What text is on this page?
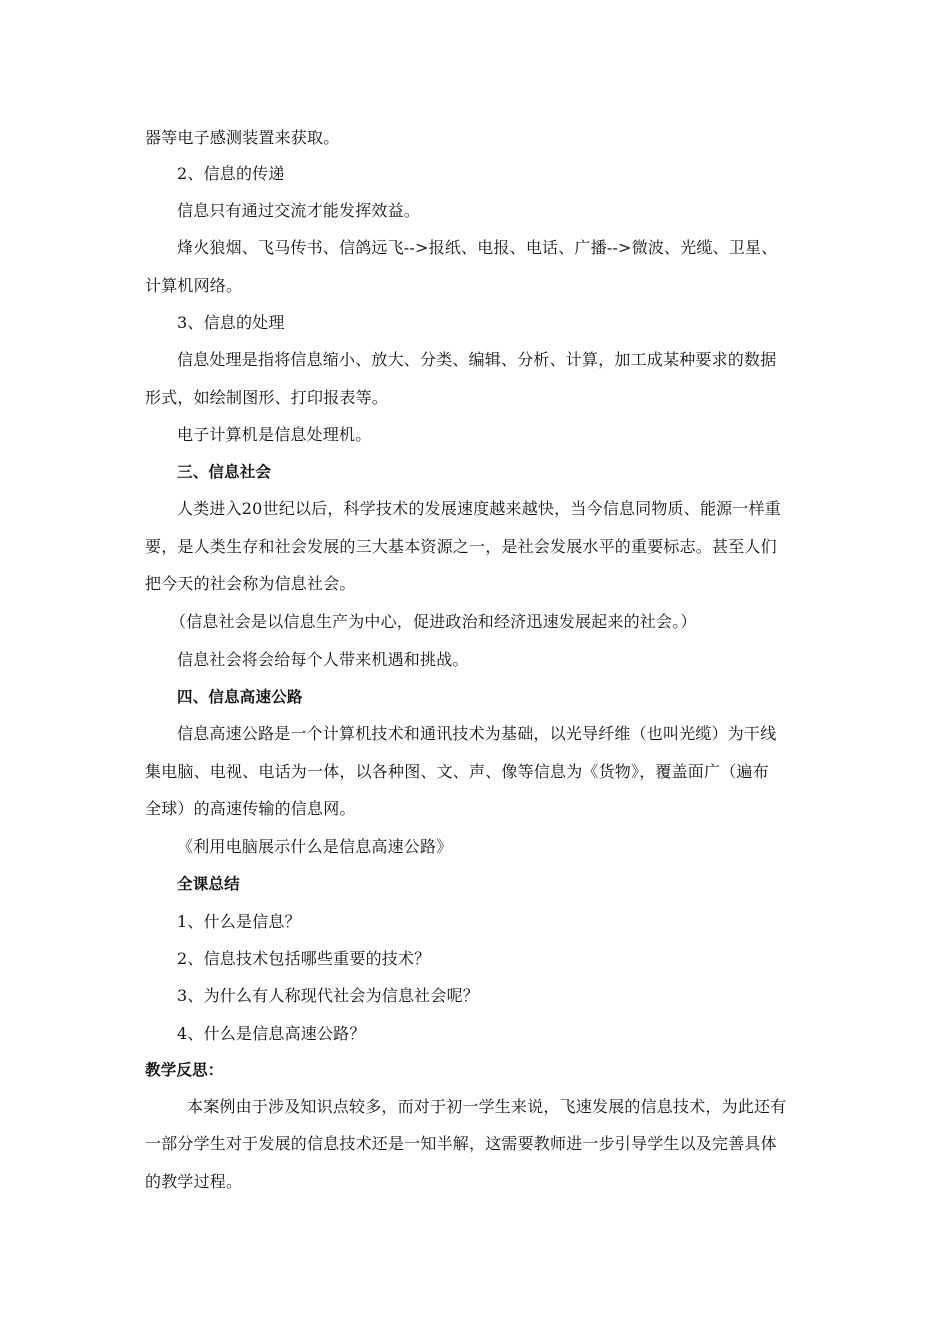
器等电子感测装置来获取。
2、信息的传递
信息只有通过交流才能发挥效益。
烽火狼烟、飞马传书、信鸽远飞-->报纸、电报、电话、广播-->微波、光缆、卫星、
计算机网络。
3、信息的处理
信息处理是指将信息缩小、放大、分类、编辑、分析、计算，加工成某种要求的数据
形式，如绘制图形、打印报表等。
电子计算机是信息处理机。
三、信息社会
人类进入20世纪以后，科学技术的发展速度越来越快，当今信息同物质、能源一样重
要，是人类生存和社会发展的三大基本资源之一，是社会发展水平的重要标志。甚至人们
把今天的社会称为信息社会。
（信息社会是以信息生产为中心，促进政治和经济迅速发展起来的社会。）
信息社会将会给每个人带来机遇和挑战。
四、信息高速公路
信息高速公路是一个计算机技术和通讯技术为基础，以光导纤维（也叫光缆）为干线
集电脑、电视、电话为一体，以各种图、文、声、像等信息为《货物》，覆盖面广（遍布
全球）的高速传输的信息网。
《利用电脑展示什么是信息高速公路》
全课总结
1、什么是信息？
2、信息技术包括哪些重要的技术？
3、为什么有人称现代社会为信息社会呢？
4、什么是信息高速公路？
教学反思：
本案例由于涉及知识点较多，而对于初一学生来说，飞速发展的信息技术，为此还有
一部分学生对于发展的信息技术还是一知半解，这需要教师进一步引导学生以及完善具体
的教学过程。
